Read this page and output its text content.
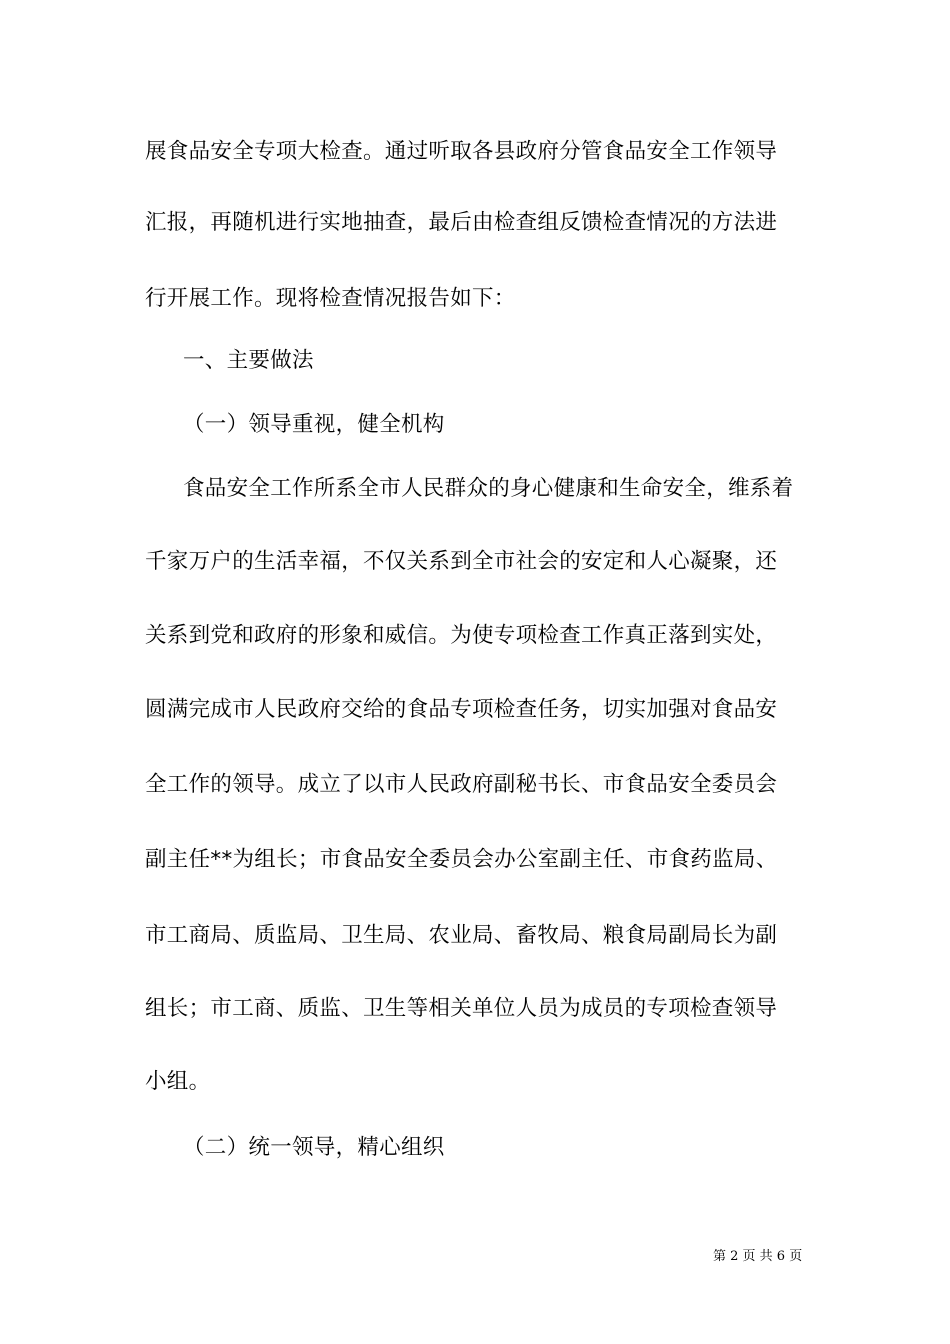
展食品安全专项大检查。通过听取各县政府分管食品安全工作领导
汇报，再随机进行实地抽查，最后由检查组反馈检查情况的方法进
行开展工作。现将检查情况报告如下：
一、主要做法
（一）领导重视，健全机构
食品安全工作所系全市人民群众的身心健康和生命安全，维系着
千家万户的生活幸福，不仅关系到全市社会的安定和人心凝聚，还
关系到党和政府的形象和威信。为使专项检查工作真正落到实处，
圆满完成市人民政府交给的食品专项检查任务，切实加强对食品安
全工作的领导。成立了以市人民政府副秘书长、市食品安全委员会
副主任**为组长；市食品安全委员会办公室副主任、市食药监局、
市工商局、质监局、卫生局、农业局、畜牧局、粮食局副局长为副
组长；市工商、质监、卫生等相关单位人员为成员的专项检查领导
小组。
（二）统一领导，精心组织
第 2 页 共 6 页
